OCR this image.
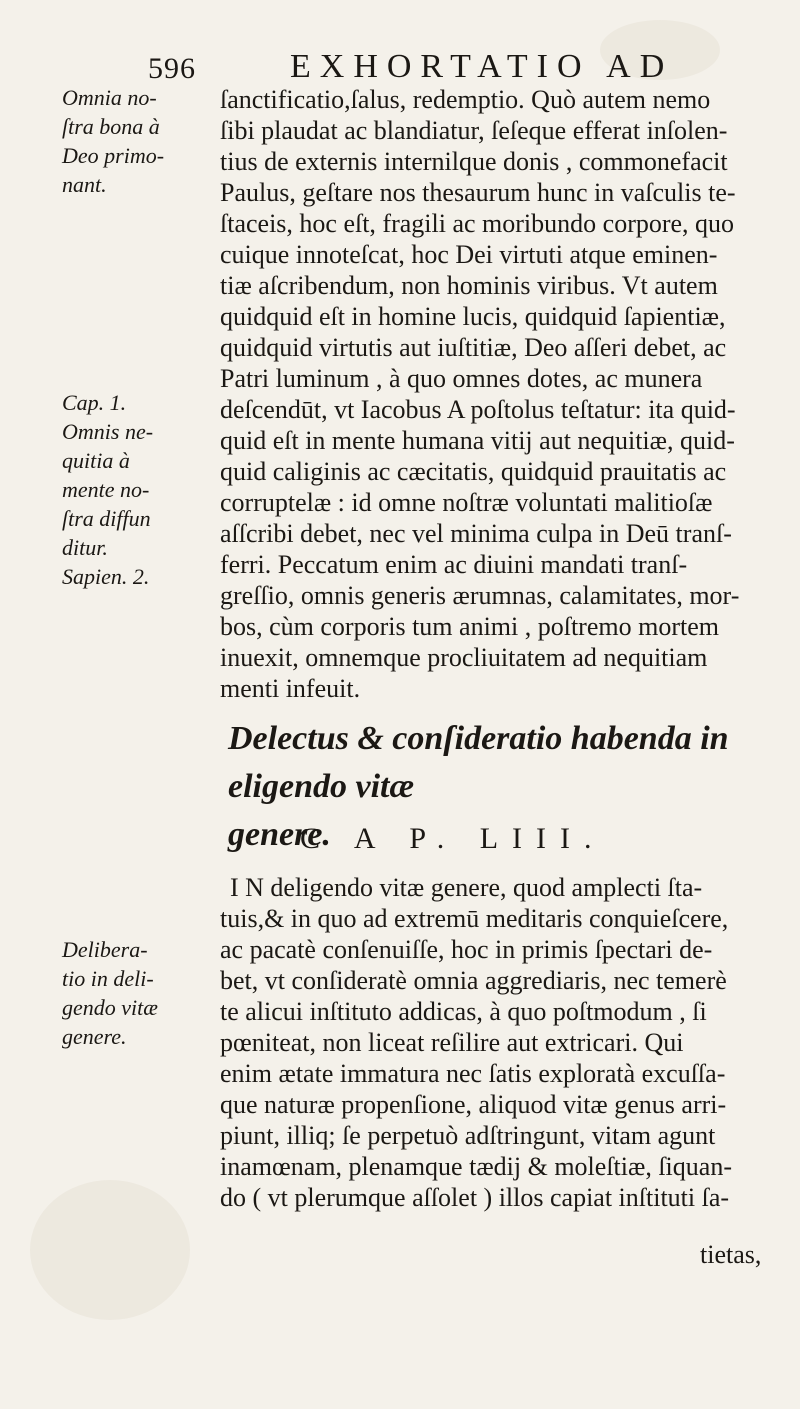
596	EXHORTATIO AD
Omnia no-
ſtra bona à
Deo primo-
nant.
Cap. 1.
Omnis ne-
quitia à
mente no-
ſtra diffun
ditur.
Sapien. 2.
Delibera-
tio in deli-
gendo vitæ
genere.
ſanctificatio,ſalus, redemptio. Quò autem nemo
ſibi plaudat ac blandiatur, ſeſeque efferat inſolen-
tius de externis internilque donis , commonefacit
Paulus, geſtare nos thesaurum hunc in vaſculis te-
ſtaceis, hoc eſt, fragili ac moribundo corpore, quo
cuique innoteſcat, hoc Dei virtuti atque eminen-
tiæ aſcribendum, non hominis viribus. Vt autem
quidquid eſt in homine lucis, quidquid ſapientiæ,
quidquid virtutis aut iuſtitiæ, Deo aſſeri debet, ac
Patri luminum , à quo omnes dotes, ac munera
deſcendūt, vt Iacobus A poſtolus teſtatur: ita quid-
quid eſt in mente humana vitij aut nequitiæ, quid-
quid caliginis ac cæcitatis, quidquid prauitatis ac
corruptelæ : id omne noſtræ voluntati malitioſæ
aſſcribi debet, nec vel minima culpa in Deū tranſ-
ferri. Peccatum enim ac diuini mandati tranſ-
greſſio, omnis generis ærumnas, calamitates, mor-
bos, cùm corporis tum animi , poſtremo mortem
inuexit, omnemque procliuitatem ad nequitiam
menti infeuit.
Delectus & conſideratio habenda in eligendo vitæ
genere.
C A P. LIII.
I N deligendo vitæ genere, quod amplecti ſta-
tuis,& in quo ad extremū meditaris conquieſcere,
ac pacatè conſenuiſſe, hoc in primis ſpectari de-
bet, vt conſideratè omnia aggrediaris, nec temerè
te alicui inſtituto addicas, à quo poſtmodum , ſi
pœniteat, non liceat reſilire aut extricari. Qui
enim ætate immatura nec ſatis exploratà excuſſa-
que naturæ propenſione, aliquod vitæ genus arri-
piunt, illiq; ſe perpetuò adſtringunt, vitam agunt
inamœnam, plenamque tædij & moleſtiæ, ſiquan-
do ( vt plerumque aſſolet ) illos capiat inſtituti ſa-
tietas,
